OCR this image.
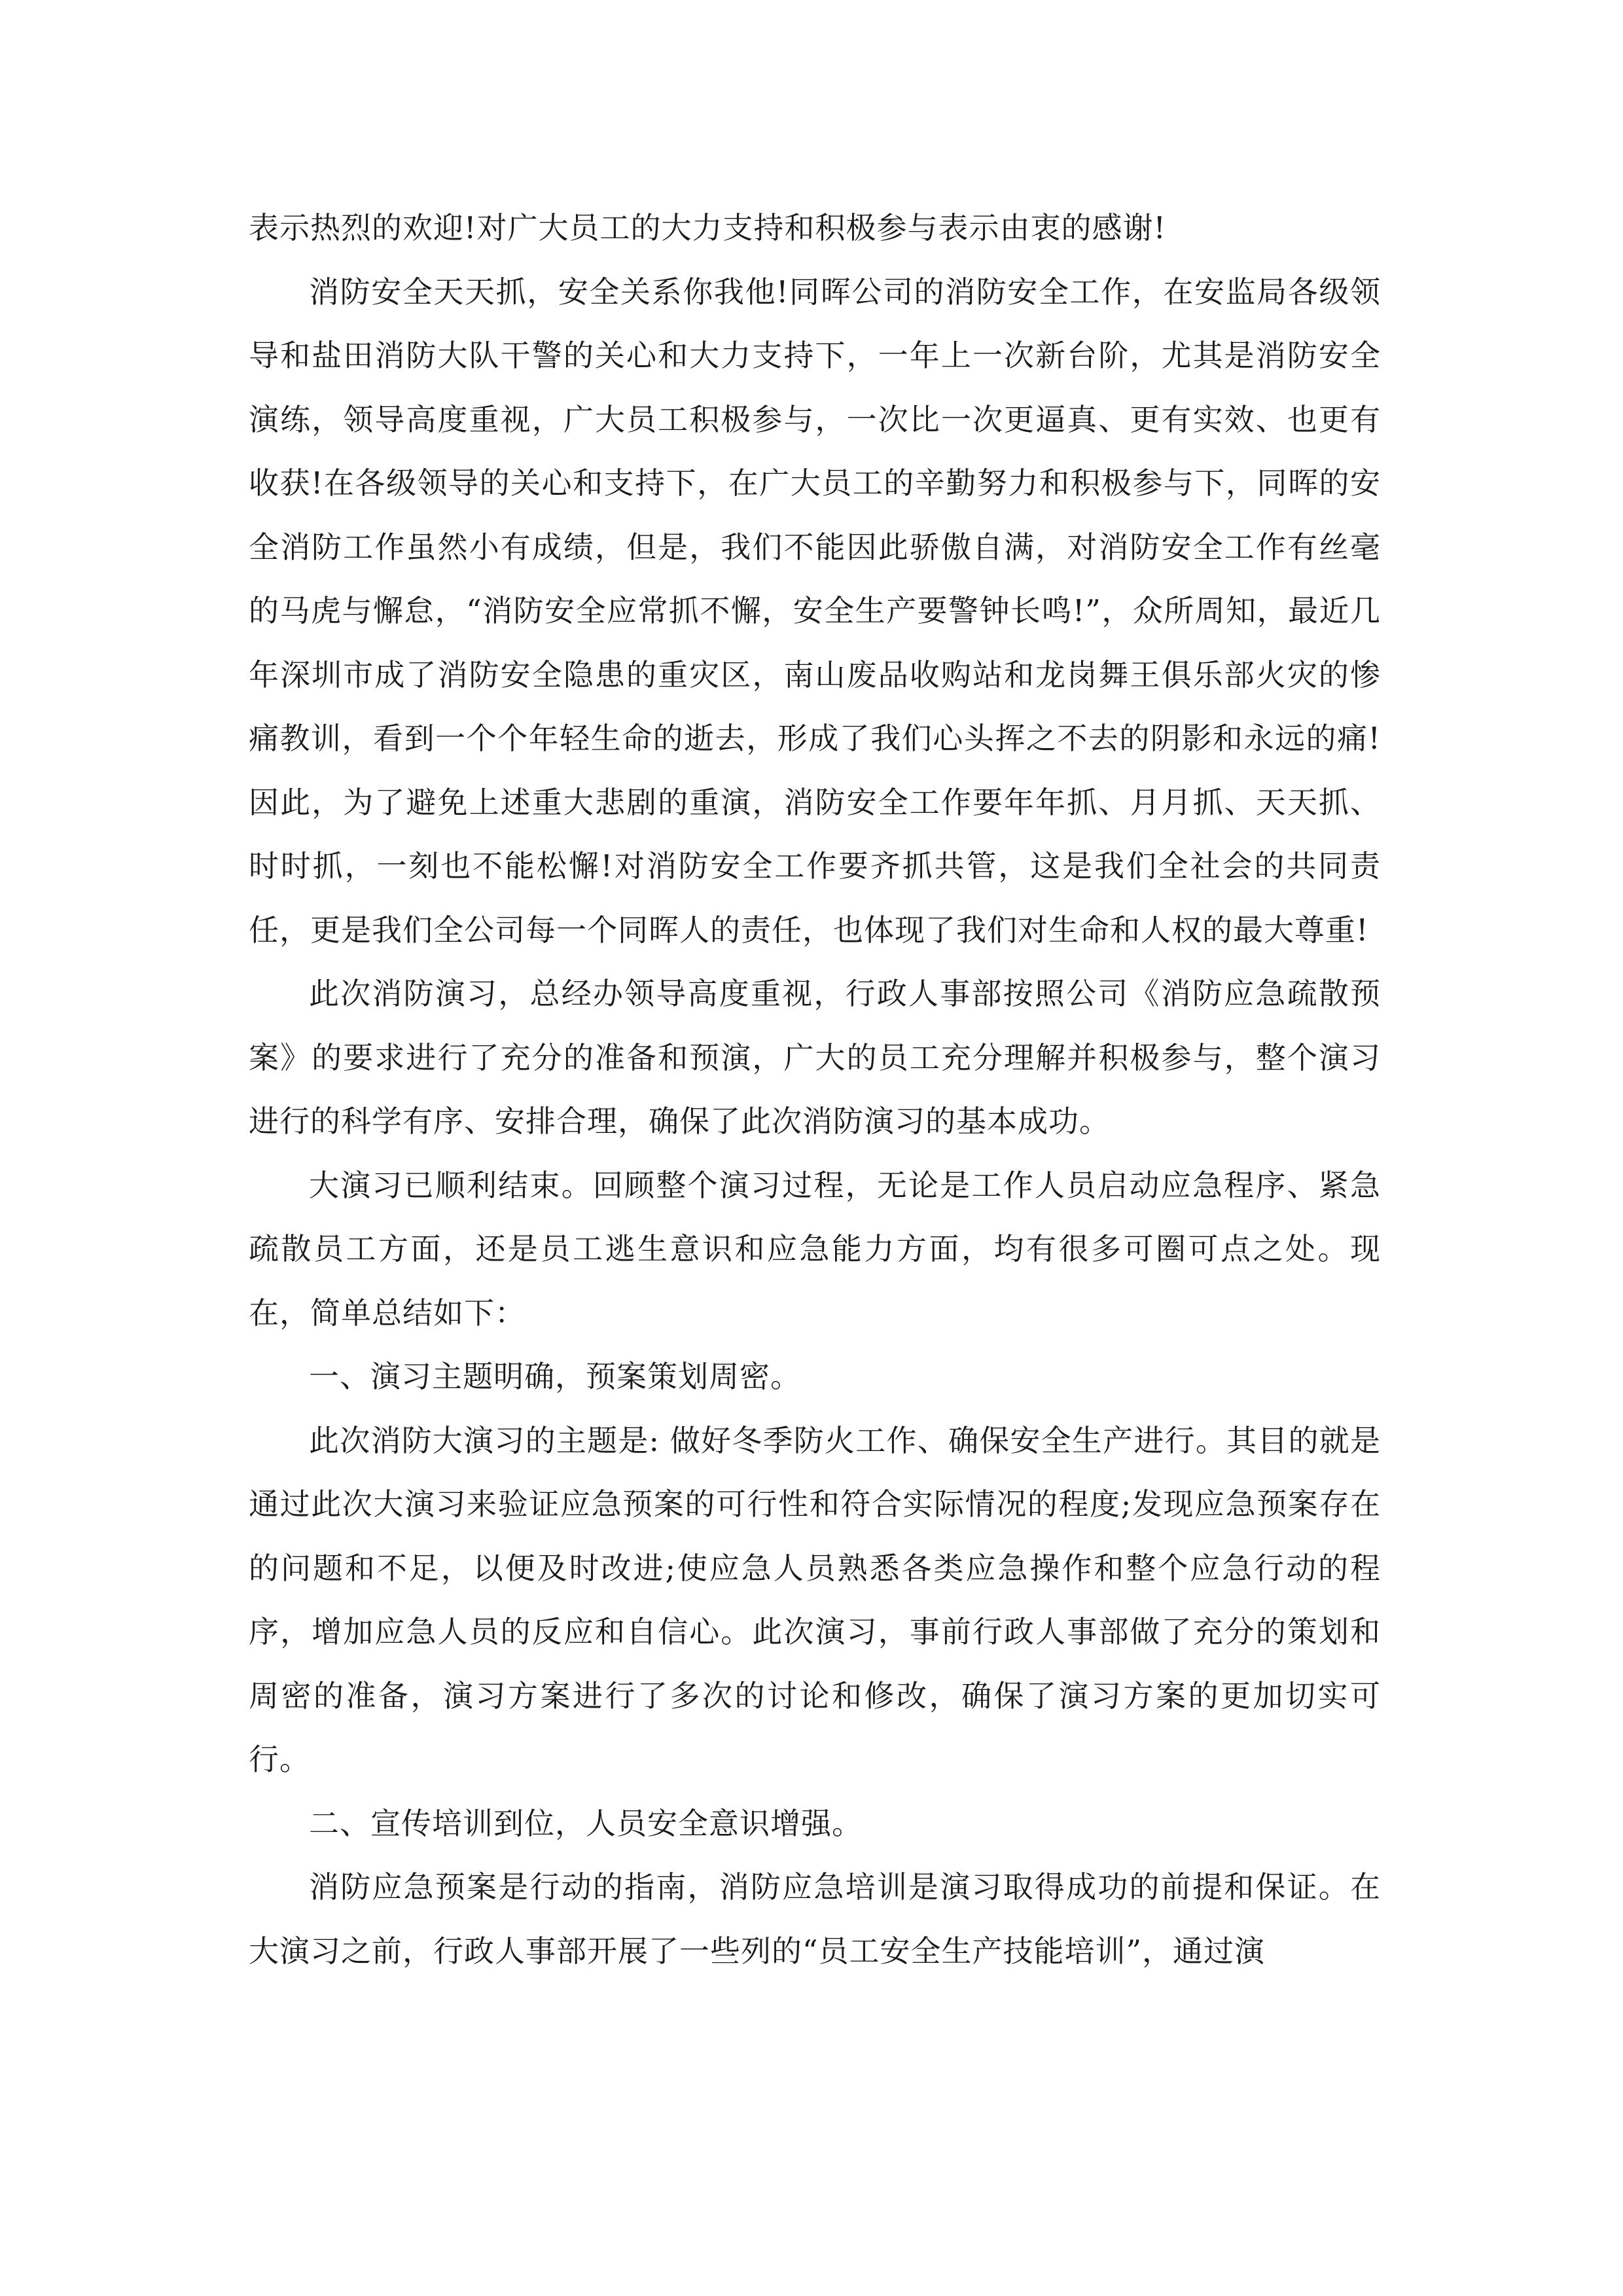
表示热烈的欢迎!对广大员工的大力支持和积极参与表示由衷的感谢!

消防安全天天抓，安全关系你我他!同晖公司的消防安全工作，在安监局各级领导和盐田消防大队干警的关心和大力支持下，一年上一次新台阶，尤其是消防安全演练，领导高度重视，广大员工积极参与，一次比一次更逼真、更有实效、也更有收获!在各级领导的关心和支持下，在广大员工的辛勤努力和积极参与下，同晖的安全消防工作虽然小有成绩，但是，我们不能因此骄傲自满，对消防安全工作有丝毫的马虎与懈怠，“消防安全应常抓不懈，安全生产要警钟长鸣!”，众所周知，最近几年深圳市成了消防安全隐患的重灾区，南山废品收购站和龙岗舞王俱乐部火灾的惨痛教训，看到一个个年轻生命的逝去，形成了我们心头挥之不去的阴影和永远的痛!因此，为了避免上述重大悲剧的重演，消防安全工作要年年抓、月月抓、天天抓、时时抓，一刻也不能松懈!对消防安全工作要齐抓共管，这是我们全社会的共同责任，更是我们全公司每一个同晖人的责任，也体现了我们对生命和人权的最大尊重!

此次消防演习，总经办领导高度重视，行政人事部按照公司《消防应急疏散预案》的要求进行了充分的准备和预演，广大的员工充分理解并积极参与，整个演习进行的科学有序、安排合理，确保了此次消防演习的基本成功。

大演习已顺利结束。回顾整个演习过程，无论是工作人员启动应急程序、紧急疏散员工方面，还是员工逃生意识和应急能力方面，均有很多可圈可点之处。现在，简单总结如下：

一、演习主题明确，预案策划周密。

此次消防大演习的主题是: 做好冬季防火工作、确保安全生产进行。其目的就是通过此次大演习来验证应急预案的可行性和符合实际情况的程度;发现应急预案存在的问题和不足，以便及时改进;使应急人员熟悉各类应急操作和整个应急行动的程序，增加应急人员的反应和自信心。此次演习，事前行政人事部做了充分的策划和周密的准备，演习方案进行了多次的讨论和修改，确保了演习方案的更加切实可行。

二、宣传培训到位，人员安全意识增强。

消防应急预案是行动的指南，消防应急培训是演习取得成功的前提和保证。在大演习之前，行政人事部开展了一些列的“员工安全生产技能培训”，通过演
